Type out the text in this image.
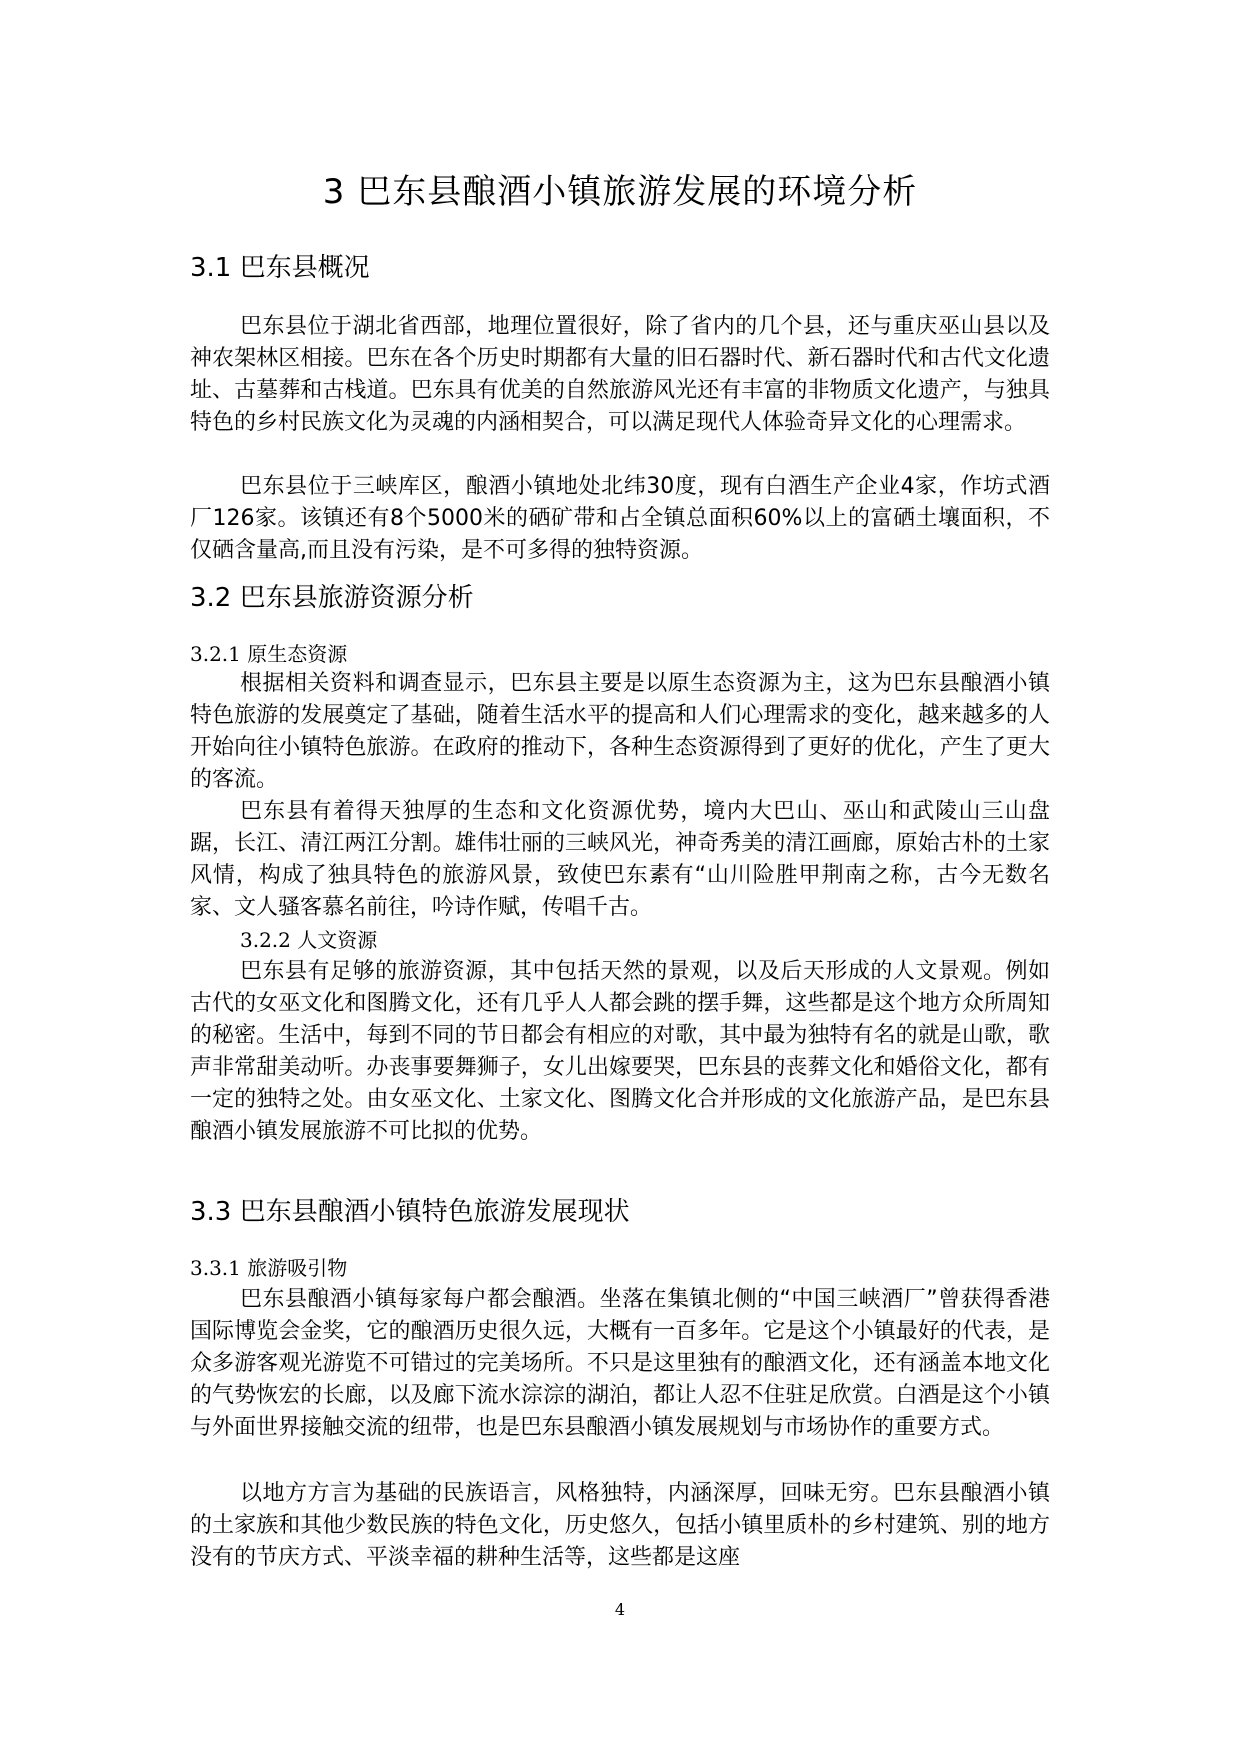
3 巴东县酿酒小镇旅游发展的环境分析
3.1 巴东县概况

巴东县位于湖北省西部，地理位置很好，除了省内的几个县，还与重庆巫山县以及神农架林区相接。巴东在各个历史时期都有大量的旧石器时代、新石器时代和古代文化遗址、古墓葬和古栈道。巴东具有优美的自然旅游风光还有丰富的非物质文化遗产，与独具特色的乡村民族文化为灵魂的内涵相契合，可以满足现代人体验奇异文化的心理需求。

巴东县位于三峡库区，酿酒小镇地处北纬30度，现有白酒生产企业4家，作坊式酒厂126家。该镇还有8个5000米的硒矿带和占全镇总面积60%以上的富硒土壤面积，不仅硒含量高,而且没有污染，是不可多得的独特资源。

3.2 巴东县旅游资源分析
3.2.1 原生态资源

根据相关资料和调查显示，巴东县主要是以原生态资源为主，这为巴东县酿酒小镇特色旅游的发展奠定了基础，随着生活水平的提高和人们心理需求的变化，越来越多的人开始向往小镇特色旅游。在政府的推动下，各种生态资源得到了更好的优化，产生了更大的客流。

巴东县有着得天独厚的生态和文化资源优势，境内大巴山、巫山和武陵山三山盘踞，长江、清江两江分割。雄伟壮丽的三峡风光，神奇秀美的清江画廊，原始古朴的土家风情，构成了独具特色的旅游风景，致使巴东素有“山川险胜甲荆南之称，古今无数名家、文人骚客慕名前往，吟诗作赋，传唱千古。

3.2.2 人文资源

巴东县有足够的旅游资源，其中包括天然的景观，以及后天形成的人文景观。例如古代的女巫文化和图腾文化，还有几乎人人都会跳的摆手舞，这些都是这个地方众所周知的秘密。生活中，每到不同的节日都会有相应的对歌，其中最为独特有名的就是山歌，歌声非常甜美动听。办丧事要舞狮子，女儿出嫁要哭，巴东县的丧葬文化和婚俗文化，都有一定的独特之处。由女巫文化、土家文化、图腾文化合并形成的文化旅游产品，是巴东县酿酒小镇发展旅游不可比拟的优势。

3.3 巴东县酿酒小镇特色旅游发展现状
3.3.1 旅游吸引物

巴东县酿酒小镇每家每户都会酿酒。坐落在集镇北侧的“中国三峡酒厂”曾获得香港国际博览会金奖，它的酿酒历史很久远，大概有一百多年。它是这个小镇最好的代表，是众多游客观光游览不可错过的完美场所。不只是这里独有的酿酒文化，还有涵盖本地文化的气势恢宏的长廊，以及廊下流水淙淙的湖泊，都让人忍不住驻足欣赏。白酒是这个小镇与外面世界接触交流的纽带，也是巴东县酿酒小镇发展规划与市场协作的重要方式。

以地方方言为基础的民族语言，风格独特，内涵深厚，回味无穷。巴东县酿酒小镇的土家族和其他少数民族的特色文化，历史悠久，包括小镇里质朴的乡村建筑、别的地方没有的节庆方式、平淡幸福的耕种生活等，这些都是这座

4
